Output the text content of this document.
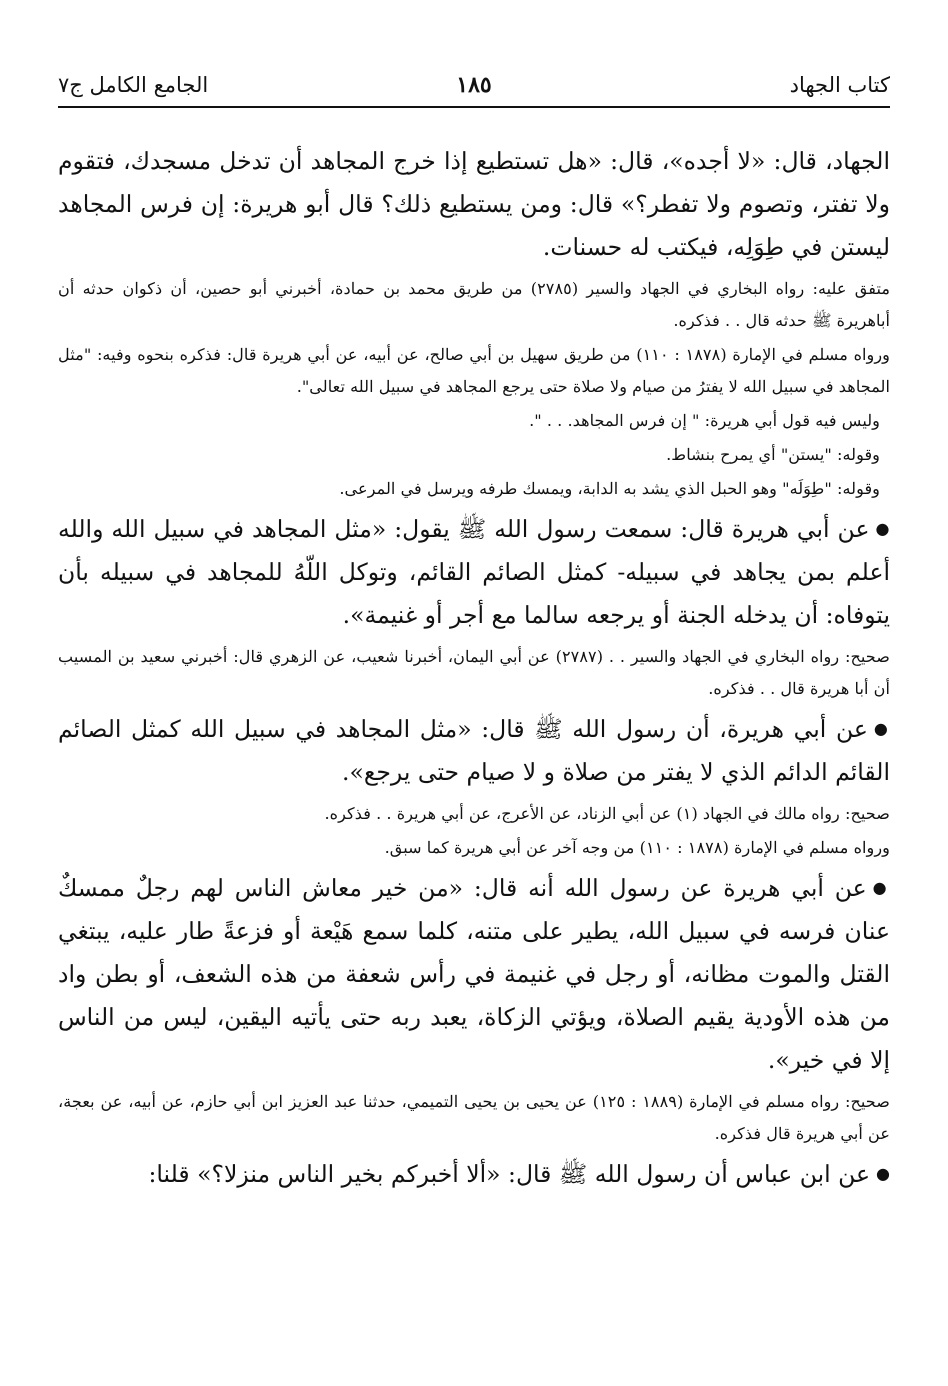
كتاب الجهاد
١٨٥
الجامع الكامل ج٧

الجهاد، قال: «لا أجده»، قال: «هل تستطيع إذا خرج المجاهد أن تدخل مسجدك، فتقوم ولا تفتر، وتصوم ولا تفطر؟» قال: ومن يستطيع ذلك؟ قال أبو هريرة: إن فرس المجاهد ليستن في طِوَلِه، فيكتب له حسنات.

متفق عليه: رواه البخاري في الجهاد والسير (٢٧٨٥) من طريق محمد بن حمادة، أخبرني أبو حصين، أن ذكوان حدثه أن أباهريرة ﷺ حدثه قال . . فذكره.

ورواه مسلم في الإمارة (١٨٧٨ : ١١٠) من طريق سهيل بن أبي صالح، عن أبيه، عن أبي هريرة قال: فذكره بنحوه وفيه: "مثل المجاهد في سبيل الله لا يفترُ من صيام ولا صلاة حتى يرجع المجاهد في سبيل الله تعالى".

وليس فيه قول أبي هريرة: " إن فرس المجاهد. . . ".

وقوله: "يستن" أي يمرح بنشاط.

وقوله: "طِوَلَه" وهو الحبل الذي يشد به الدابة، ويمسك طرفه ويرسل في المرعى.

●عن أبي هريرة قال: سمعت رسول الله ﷺ يقول: «مثل المجاهد في سبيل الله والله أعلم بمن يجاهد في سبيله- كمثل الصائم القائم، وتوكل اللّهُ للمجاهد في سبيله بأن يتوفاه: أن يدخله الجنة أو يرجعه سالما مع أجر أو غنيمة».

صحيح: رواه البخاري في الجهاد والسير . . (٢٧٨٧) عن أبي اليمان، أخبرنا شعيب، عن الزهري قال: أخبرني سعيد بن المسيب أن أبا هريرة قال . . فذكره.

●عن أبي هريرة، أن رسول الله ﷺ قال: «مثل المجاهد في سبيل الله كمثل الصائم القائم الدائم الذي لا يفتر من صلاة و لا صيام حتى يرجع».

صحيح: رواه مالك في الجهاد (١) عن أبي الزناد، عن الأعرج، عن أبي هريرة . . فذكره.

ورواه مسلم في الإمارة (١٨٧٨ : ١١٠) من وجه آخر عن أبي هريرة كما سبق.

●عن أبي هريرة عن رسول الله أنه قال: «من خير معاش الناس لهم رجلٌ ممسكٌ عنان فرسه في سبيل الله، يطير على متنه، كلما سمع هَيْعة أو فزعةً طار عليه، يبتغي القتل والموت مظانه، أو رجل في غنيمة في رأس شعفة من هذه الشعف، أو بطن واد من هذه الأودية يقيم الصلاة، ويؤتي الزكاة، يعبد ربه حتى يأتيه اليقين، ليس من الناس إلا في خير».

صحيح: رواه مسلم في الإمارة (١٨٨٩ : ١٢٥) عن يحيى بن يحيى التميمي، حدثنا عبد العزيز ابن أبي حازم، عن أبيه، عن بعجة، عن أبي هريرة قال فذكره.

●عن ابن عباس أن رسول الله ﷺ قال: «ألا أخبركم بخير الناس منزلا؟» قلنا:
